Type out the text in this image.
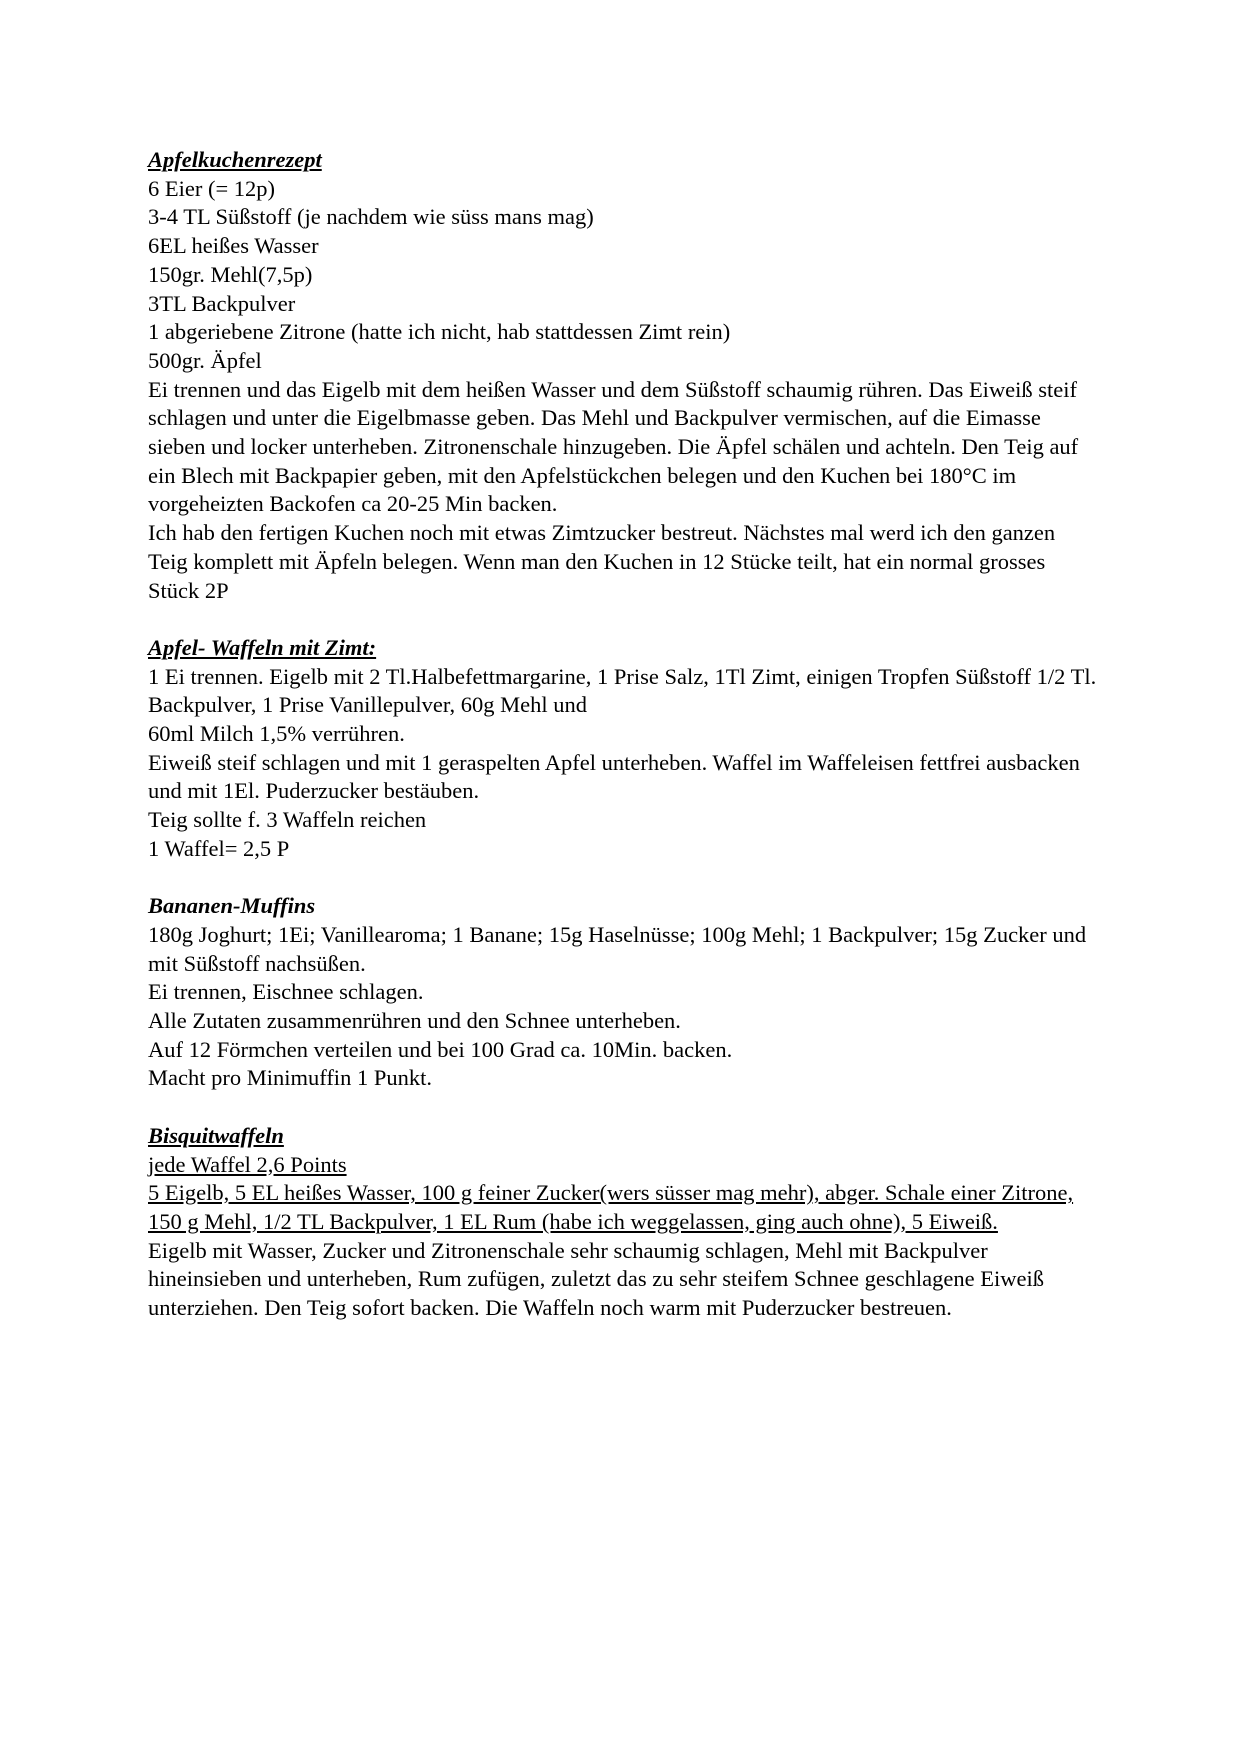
Apfelkuchenrezept
6 Eier (= 12p)
3-4 TL Süßstoff (je nachdem wie süss mans mag)
6EL heißes Wasser
150gr. Mehl(7,5p)
3TL Backpulver
1 abgeriebene Zitrone (hatte ich nicht, hab stattdessen Zimt rein)
500gr. Äpfel
Ei trennen und das Eigelb mit dem heißen Wasser und dem Süßstoff schaumig rühren. Das Eiweiß steif schlagen und unter die Eigelbmasse geben. Das Mehl und Backpulver vermischen, auf die Eimasse sieben und locker unterheben. Zitronenschale hinzugeben. Die Äpfel schälen und achteln. Den Teig auf ein Blech mit Backpapier geben, mit den Apfelstückchen belegen und den Kuchen bei 180°C im vorgeheizten Backofen ca 20-25 Min backen.
Ich hab den fertigen Kuchen noch mit etwas Zimtzucker bestreut. Nächstes mal werd ich den ganzen Teig komplett mit Äpfeln belegen. Wenn man den Kuchen in 12 Stücke teilt, hat ein normal grosses Stück 2P
Apfel- Waffeln mit Zimt:
1 Ei trennen. Eigelb mit 2 Tl.Halbefettmargarine, 1 Prise Salz, 1Tl Zimt, einigen Tropfen Süßstoff 1/2 Tl. Backpulver, 1 Prise Vanillepulver, 60g Mehl und
60ml Milch 1,5% verrühren.
Eiweiß steif schlagen und mit 1 geraspelten Apfel unterheben. Waffel im Waffeleisen fettfrei ausbacken und mit 1El. Puderzucker bestäuben.
Teig sollte f. 3 Waffeln reichen
1 Waffel= 2,5 P
Bananen-Muffins
180g Joghurt; 1Ei; Vanillearoma; 1 Banane; 15g Haselnüsse; 100g Mehl; 1 Backpulver; 15g Zucker und mit Süßstoff nachsüßen.
Ei trennen, Eischnee schlagen.
Alle Zutaten zusammenrühren und den Schnee unterheben.
Auf 12 Förmchen verteilen und bei 100 Grad ca. 10Min. backen.
Macht pro Minimuffin 1 Punkt.
Bisquitwaffeln
jede Waffel 2,6 Points
5 Eigelb, 5 EL heißes Wasser, 100 g feiner Zucker(wers süsser mag mehr), abger. Schale einer Zitrone, 150 g Mehl, 1/2 TL Backpulver, 1 EL Rum (habe ich weggelassen, ging auch ohne), 5 Eiweiß.
Eigelb mit Wasser, Zucker und Zitronenschale sehr schaumig schlagen, Mehl mit Backpulver hineinsieben und unterheben, Rum zufügen, zuletzt das zu sehr steifem Schnee geschlagene Eiweiß unterziehen. Den Teig sofort backen. Die Waffeln noch warm mit Puderzucker bestreuen.
